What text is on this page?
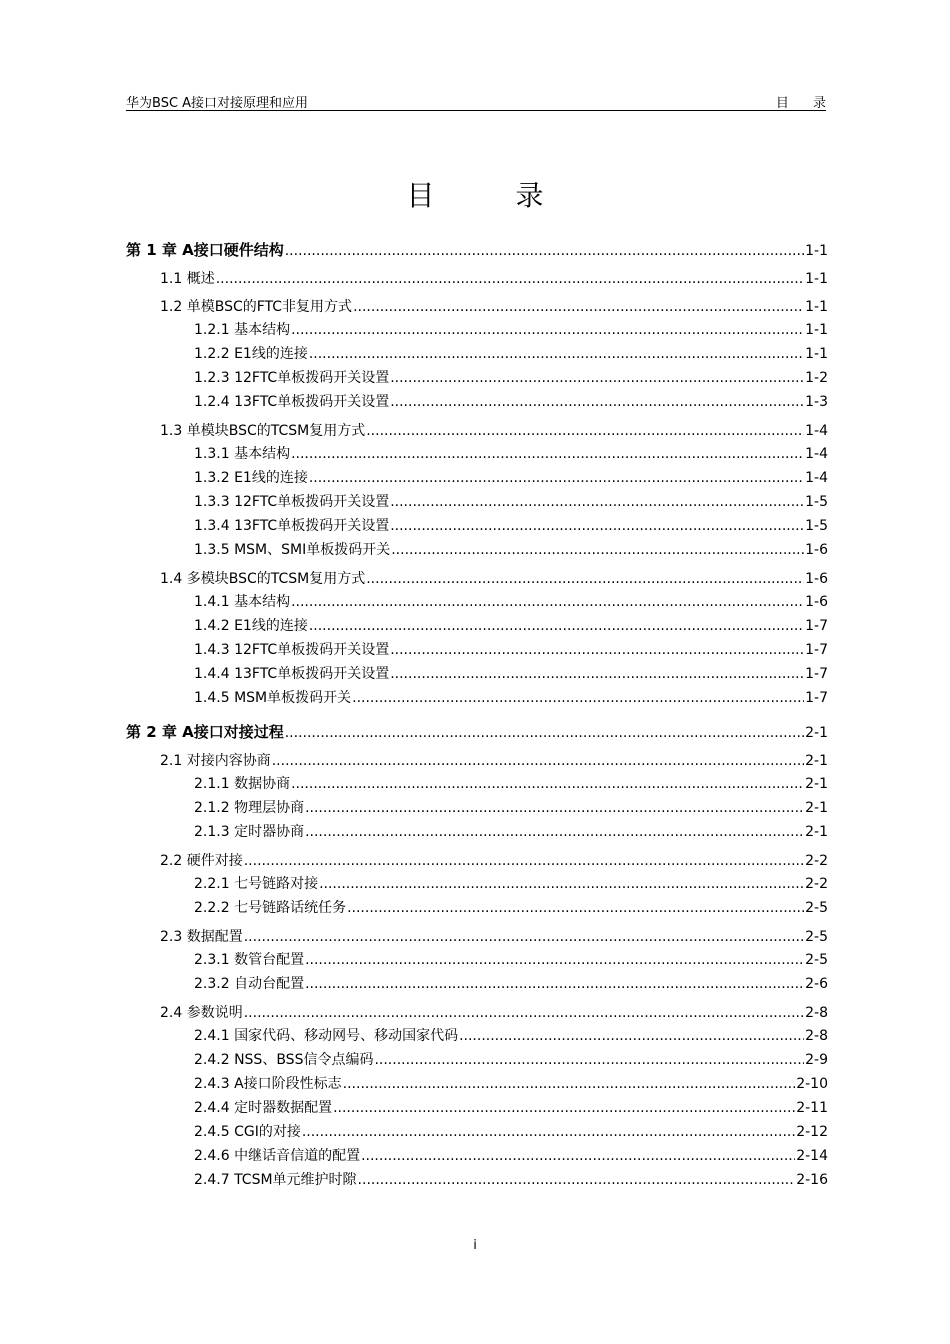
华为BSC A接口对接原理和应用	目 录
目 录
第 1 章 A接口硬件结构 .....	1-1
1.1 概述 .....	1-1
1.2 单模BSC的FTC非复用方式 .....	1-1
1.2.1 基本结构 .....	1-1
1.2.2 E1线的连接 .....	1-1
1.2.3 12FTC单板拨码开关设置 .....	1-2
1.2.4 13FTC单板拨码开关设置 .....	1-3
1.3 单模块BSC的TCSM复用方式 .....	1-4
1.3.1 基本结构 .....	1-4
1.3.2 E1线的连接 .....	1-4
1.3.3 12FTC单板拨码开关设置 .....	1-5
1.3.4 13FTC单板拨码开关设置 .....	1-5
1.3.5 MSM、SMI单板拨码开关 .....	1-6
1.4 多模块BSC的TCSM复用方式 .....	1-6
1.4.1 基本结构 .....	1-6
1.4.2 E1线的连接 .....	1-7
1.4.3 12FTC单板拨码开关设置 .....	1-7
1.4.4 13FTC单板拨码开关设置 .....	1-7
1.4.5 MSM单板拨码开关 .....	1-7
第 2 章 A接口对接过程 .....	2-1
2.1 对接内容协商 .....	2-1
2.1.1 数据协商 .....	2-1
2.1.2 物理层协商 .....	2-1
2.1.3 定时器协商 .....	2-1
2.2 硬件对接 .....	2-2
2.2.1 七号链路对接 .....	2-2
2.2.2 七号链路话统任务 .....	2-5
2.3 数据配置 .....	2-5
2.3.1 数管台配置 .....	2-5
2.3.2 自动台配置 .....	2-6
2.4 参数说明 .....	2-8
2.4.1 国家代码、移动网号、移动国家代码 .....	2-8
2.4.2 NSS、BSS信令点编码 .....	2-9
2.4.3 A接口阶段性标志 .....	2-10
2.4.4 定时器数据配置 .....	2-11
2.4.5 CGI的对接 .....	2-12
2.4.6 中继话音信道的配置 .....	2-14
2.4.7 TCSM单元维护时隙 .....	2-16
i
